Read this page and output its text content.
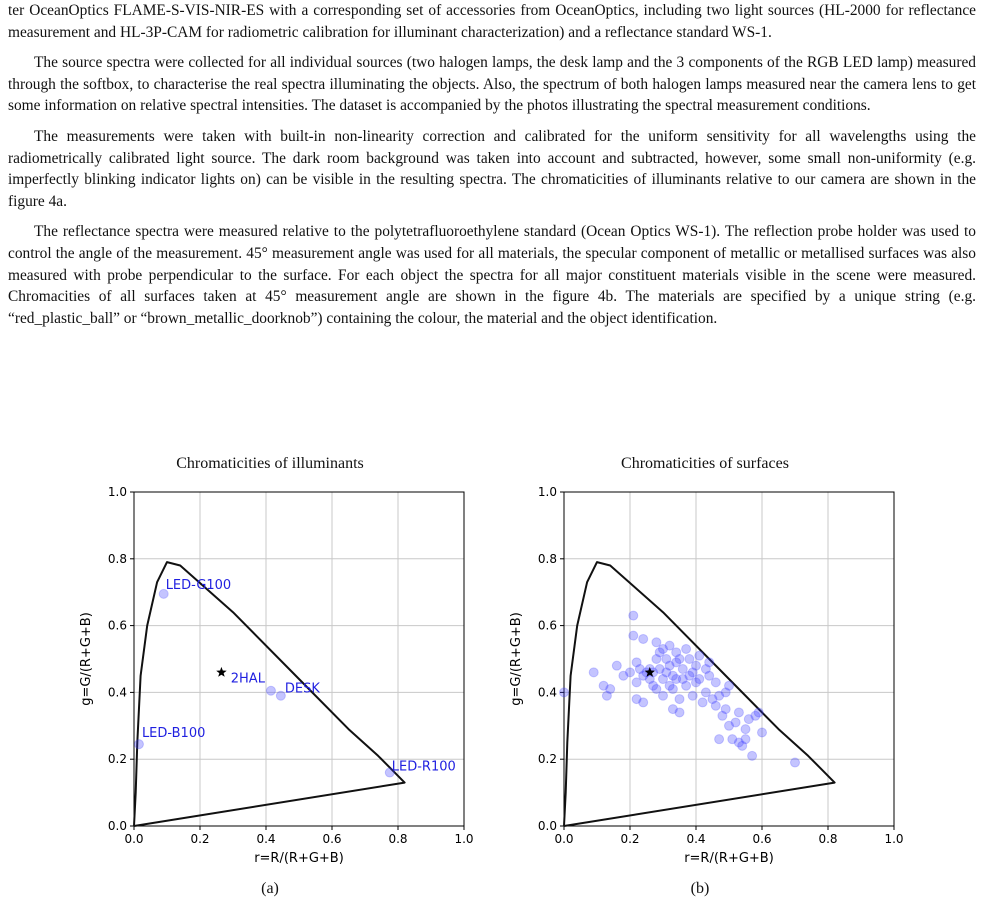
ter OceanOptics FLAME-S-VIS-NIR-ES with a corresponding set of accessories from OceanOptics, including two light sources (HL-2000 for reflectance measurement and HL-3P-CAM for radiometric calibration for illuminant characterization) and a reflectance standard WS-1.

The source spectra were collected for all individual sources (two halogen lamps, the desk lamp and the 3 components of the RGB LED lamp) measured through the softbox, to characterise the real spectra illuminating the objects. Also, the spectrum of both halogen lamps measured near the camera lens to get some information on relative spectral intensities. The dataset is accompanied by the photos illustrating the spectral measurement conditions.

The measurements were taken with built-in non-linearity correction and calibrated for the uniform sensitivity for all wavelengths using the radiometrically calibrated light source. The dark room background was taken into account and subtracted, however, some small non-uniformity (e.g. imperfectly blinking indicator lights on) can be visible in the resulting spectra. The chromaticities of illuminants relative to our camera are shown in the figure 4a.

The reflectance spectra were measured relative to the polytetrafluoroethylene standard (Ocean Optics WS-1). The reflection probe holder was used to control the angle of the measurement. 45° measurement angle was used for all materials, the specular component of metallic or metallised surfaces was also measured with probe perpendicular to the surface. For each object the spectra for all major constituent materials visible in the scene were measured. Chromacities of all surfaces taken at 45° measurement angle are shown in the figure 4b. The materials are specified by a unique string (e.g. “red_plastic_ball” or “brown_metallic_doorknob”) containing the colour, the material and the object identification.

Chromaticities of illuminants	Chromaticities of surfaces
0.0	0.2	0.4	0.6	0.8	1.0
0.0
0.2
0.4
0.6
0.8
1.0
r=R/(R+G+B)
g=G/(R+G+B)
LED-G100
LED-B100
2HAL
DESK
LED-R100
0.0	0.2	0.4	0.6	0.8	1.0
0.0
0.2
0.4
0.6
0.8
1.0
r=R/(R+G+B)
g=G/(R+G+B)
(a)	(b)
